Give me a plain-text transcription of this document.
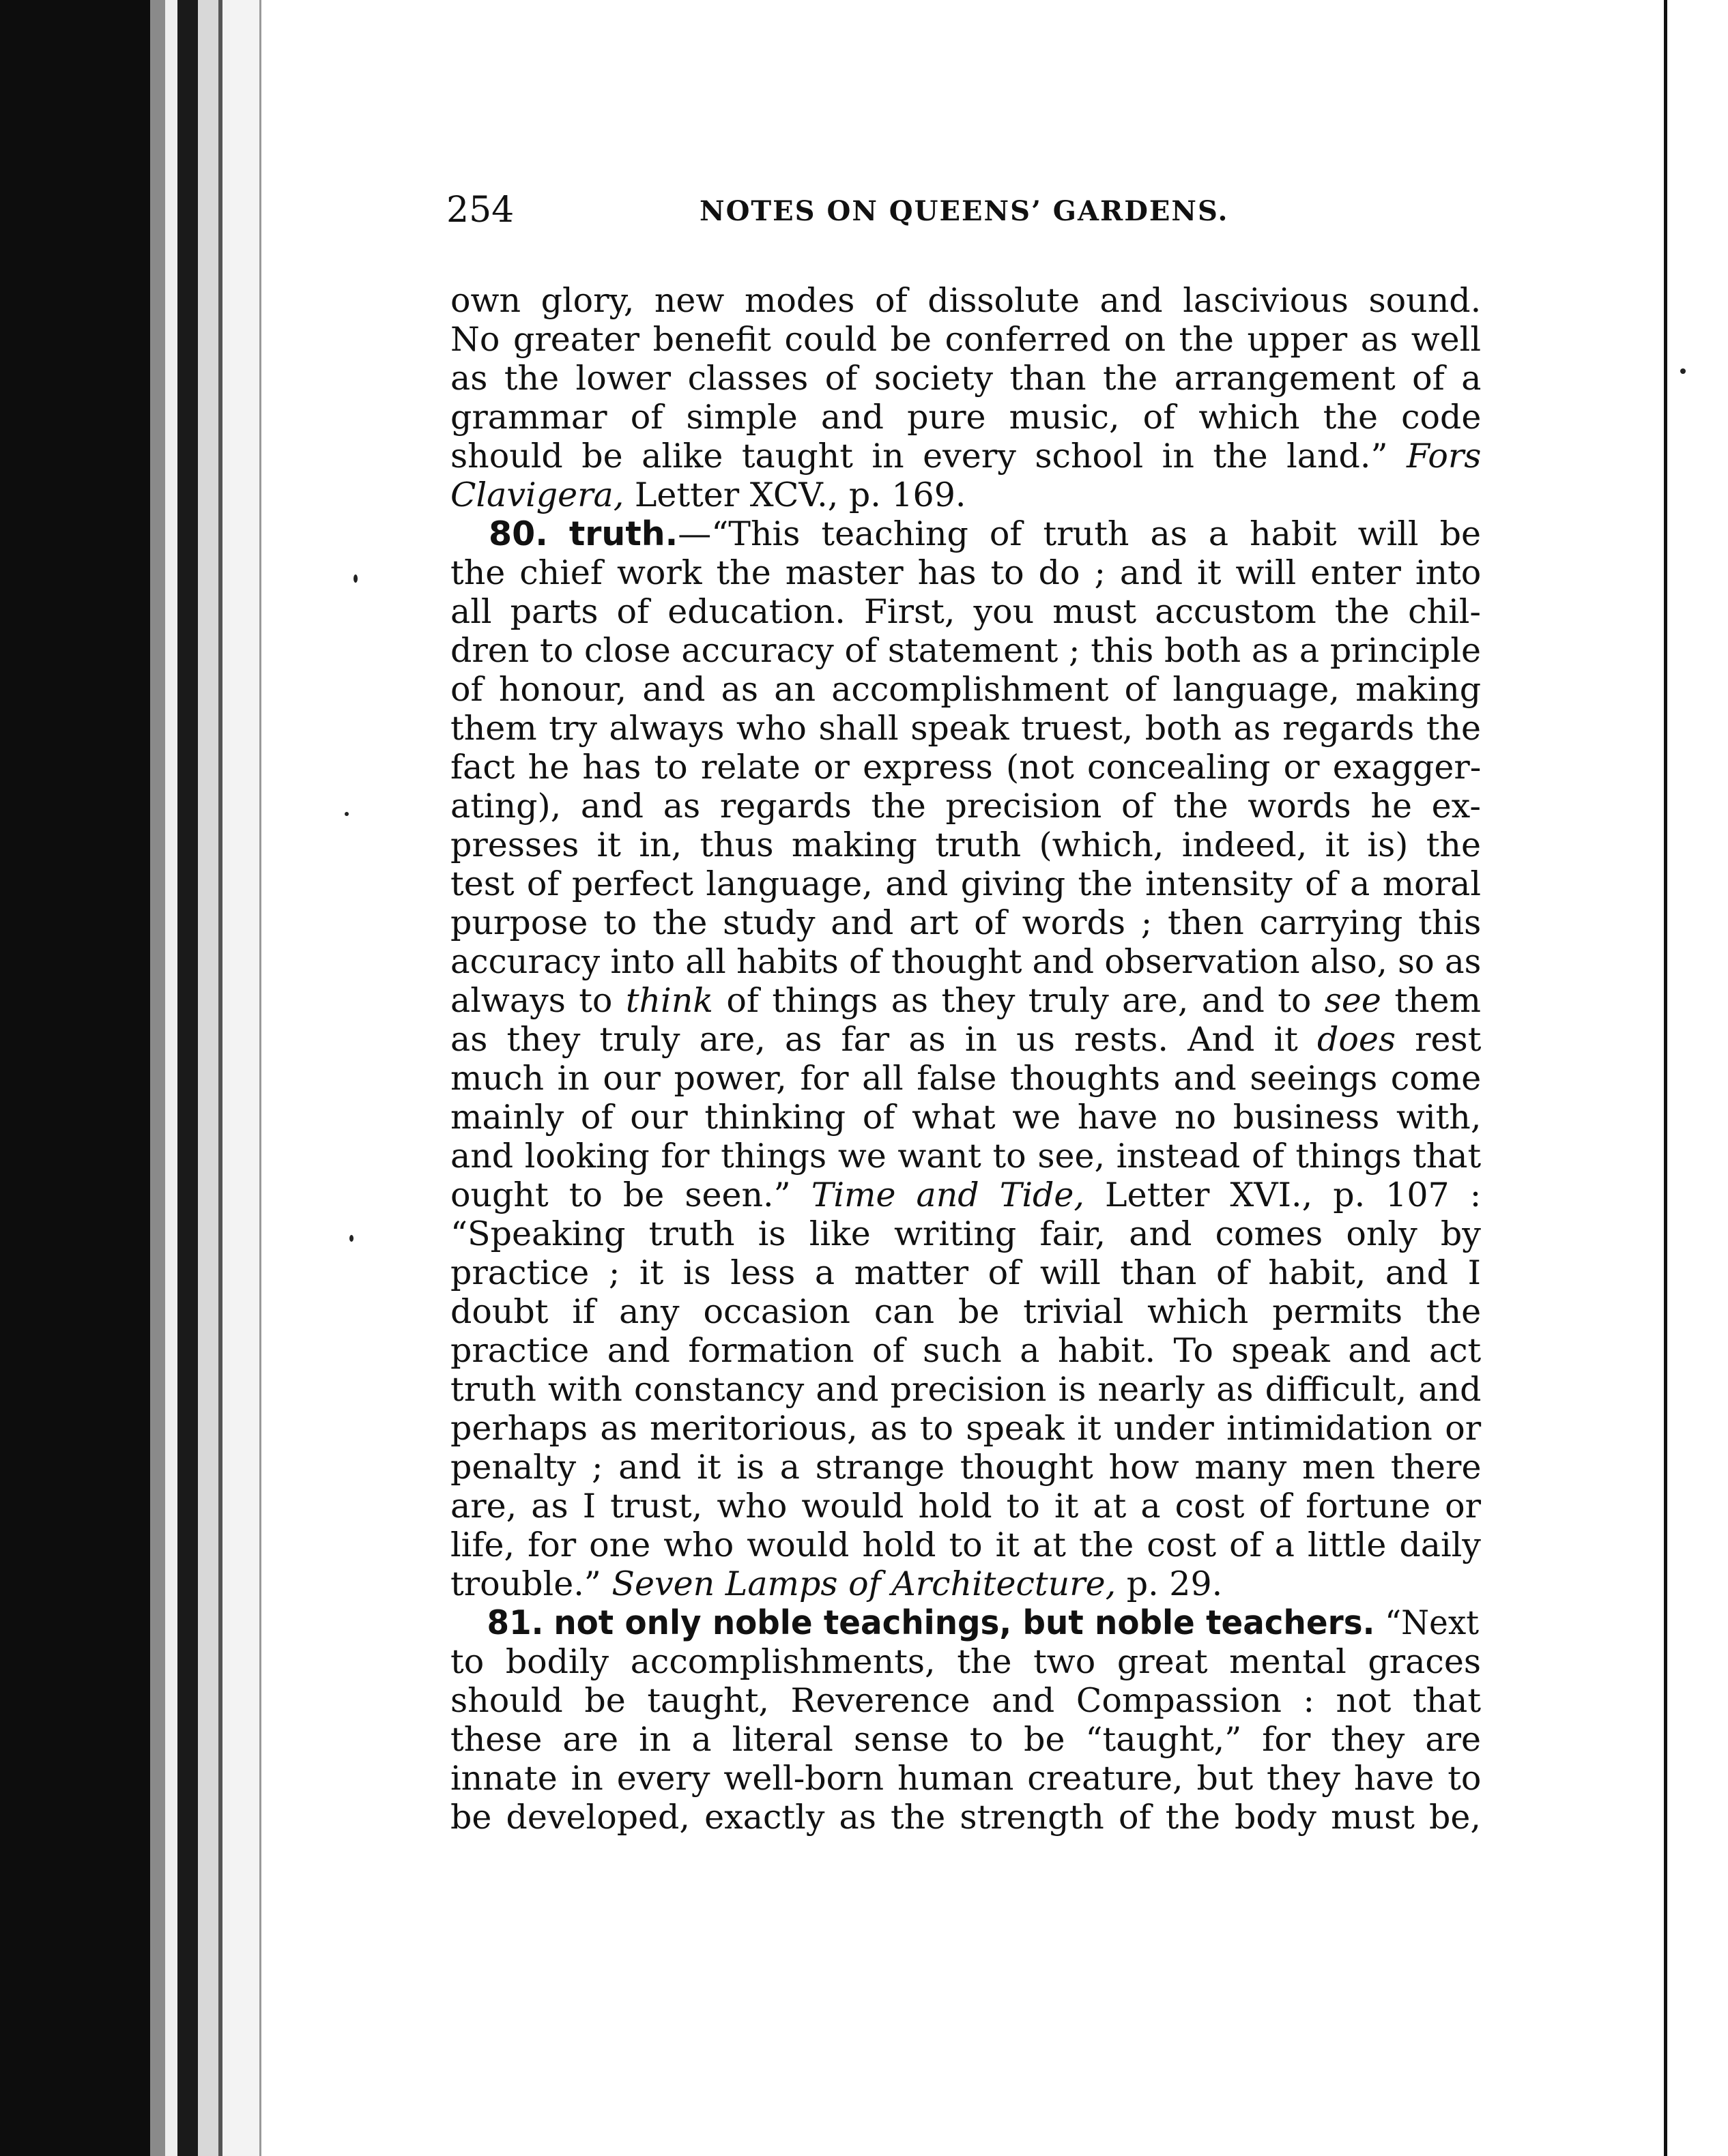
254	NOTES ON QUEENS’ GARDENS.
own glory, new modes of dissolute and lascivious sound.
No greater benefit could be conferred on the upper as well
as the lower classes of society than the arrangement of a
grammar of simple and pure music, of which the code
should be alike taught in every school in the land.” Fors
Clavigera, Letter XCV., p. 169.
80. truth.—“This teaching of truth as a habit will be
the chief work the master has to do ; and it will enter into
all parts of education. First, you must accustom the chil-
dren to close accuracy of statement ; this both as a principle
of honour, and as an accomplishment of language, making
them try always who shall speak truest, both as regards the
fact he has to relate or express (not concealing or exagger-
ating), and as regards the precision of the words he ex-
presses it in, thus making truth (which, indeed, it is) the
test of perfect language, and giving the intensity of a moral
purpose to the study and art of words ; then carrying this
accuracy into all habits of thought and observation also, so as
always to think of things as they truly are, and to see them
as they truly are, as far as in us rests. And it does rest
much in our power, for all false thoughts and seeings come
mainly of our thinking of what we have no business with,
and looking for things we want to see, instead of things that
ought to be seen.” Time and Tide, Letter XVI., p. 107 :
“Speaking truth is like writing fair, and comes only by
practice ; it is less a matter of will than of habit, and I
doubt if any occasion can be trivial which permits the
practice and formation of such a habit. To speak and act
truth with constancy and precision is nearly as difficult, and
perhaps as meritorious, as to speak it under intimidation or
penalty ; and it is a strange thought how many men there
are, as I trust, who would hold to it at a cost of fortune or
life, for one who would hold to it at the cost of a little daily
trouble.” Seven Lamps of Architecture, p. 29.
81. not only noble teachings, but noble teachers. “Next
to bodily accomplishments, the two great mental graces
should be taught, Reverence and Compassion : not that
these are in a literal sense to be “taught,” for they are
innate in every well-born human creature, but they have to
be developed, exactly as the strength of the body must be,
